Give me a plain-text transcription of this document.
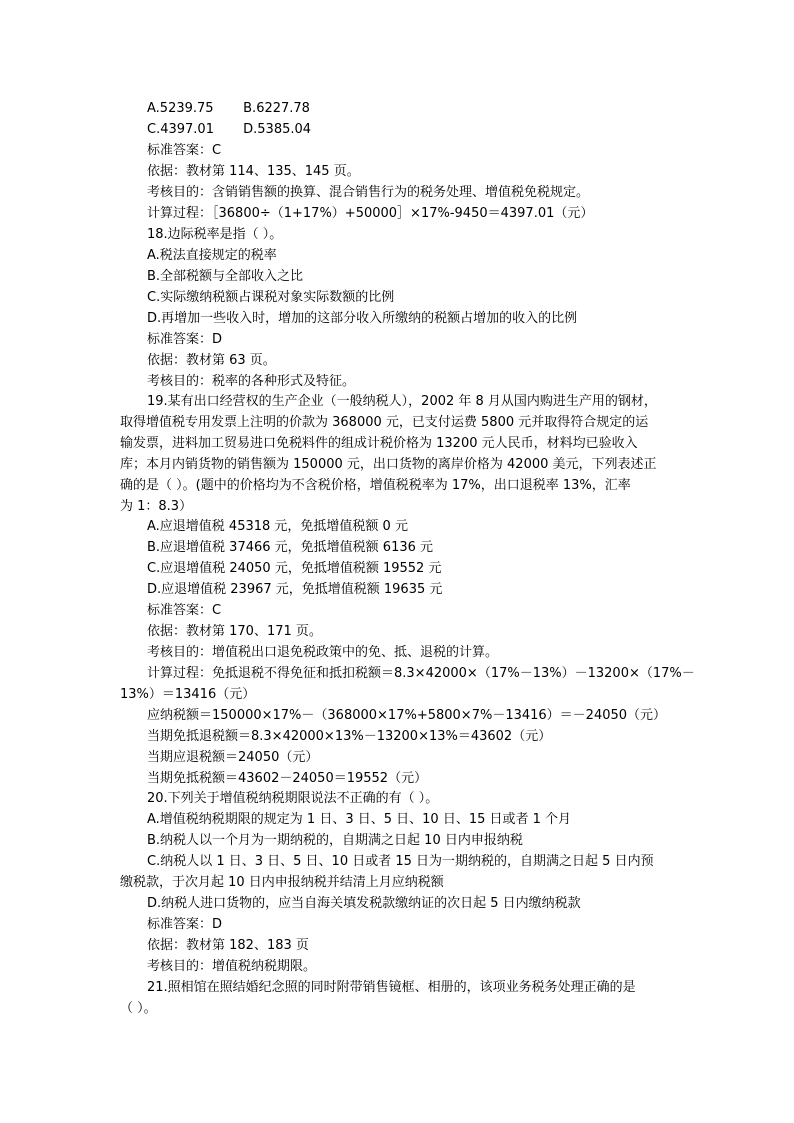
A.5239.75 B.6227.78
C.4397.01 D.5385.04
标准答案：C
依据：教材第 114、135、145 页。
考核目的：含销销售额的换算、混合销售行为的税务处理、增值税免税规定。
计算过程：［36800÷（1+17%）+50000］×17%-9450＝4397.01（元）
18.边际税率是指（ ）。
A.税法直接规定的税率
B.全部税额与全部收入之比
C.实际缴纳税额占课税对象实际数额的比例
D.再增加一些收入时，增加的这部分收入所缴纳的税额占增加的收入的比例
标准答案：D
依据：教材第 63 页。
考核目的：税率的各种形式及特征。
19.某有出口经营权的生产企业（一般纳税人），2002 年 8 月从国内购进生产用的钢材，
取得增值税专用发票上注明的价款为 368000 元，已支付运费 5800 元并取得符合规定的运
输发票，进料加工贸易进口免税料件的组成计税价格为 13200 元人民币，材料均已验收入
库；本月内销货物的销售额为 150000 元，出口货物的离岸价格为 42000 美元，下列表述正
确的是（ ）。(题中的价格均为不含税价格，增值税税率为 17%，出口退税率 13%，汇率
为 1：8.3）
A.应退增值税 45318 元，免抵增值税额 0 元
B.应退增值税 37466 元，免抵增值税额 6136 元
C.应退增值税 24050 元，免抵增值税额 19552 元
D.应退增值税 23967 元，免抵增值税额 19635 元
标准答案：C
依据：教材第 170、171 页。
考核目的：增值税出口退免税政策中的免、抵、退税的计算。
计算过程：免抵退税不得免征和抵扣税额＝8.3×42000×（17%－13%）－13200×（17%－
13%）＝13416（元）
应纳税额＝150000×17%－（368000×17%+5800×7%－13416）＝－24050（元）
当期免抵退税额＝8.3×42000×13%－13200×13%＝43602（元）
当期应退税额＝24050（元）
当期免抵税额＝43602－24050＝19552（元）
20.下列关于增值税纳税期限说法不正确的有（ ）。
A.增值税纳税期限的规定为 1 日、3 日、5 日、10 日、15 日或者 1 个月
B.纳税人以一个月为一期纳税的，自期满之日起 10 日内申报纳税
C.纳税人以 1 日、3 日、5 日、10 日或者 15 日为一期纳税的，自期满之日起 5 日内预
缴税款，于次月起 10 日内申报纳税并结清上月应纳税额
D.纳税人进口货物的，应当自海关填发税款缴纳证的次日起 5 日内缴纳税款
标准答案：D
依据：教材第 182、183 页
考核目的：增值税纳税期限。
21.照相馆在照结婚纪念照的同时附带销售镜框、相册的，该项业务税务处理正确的是
（ ）。
